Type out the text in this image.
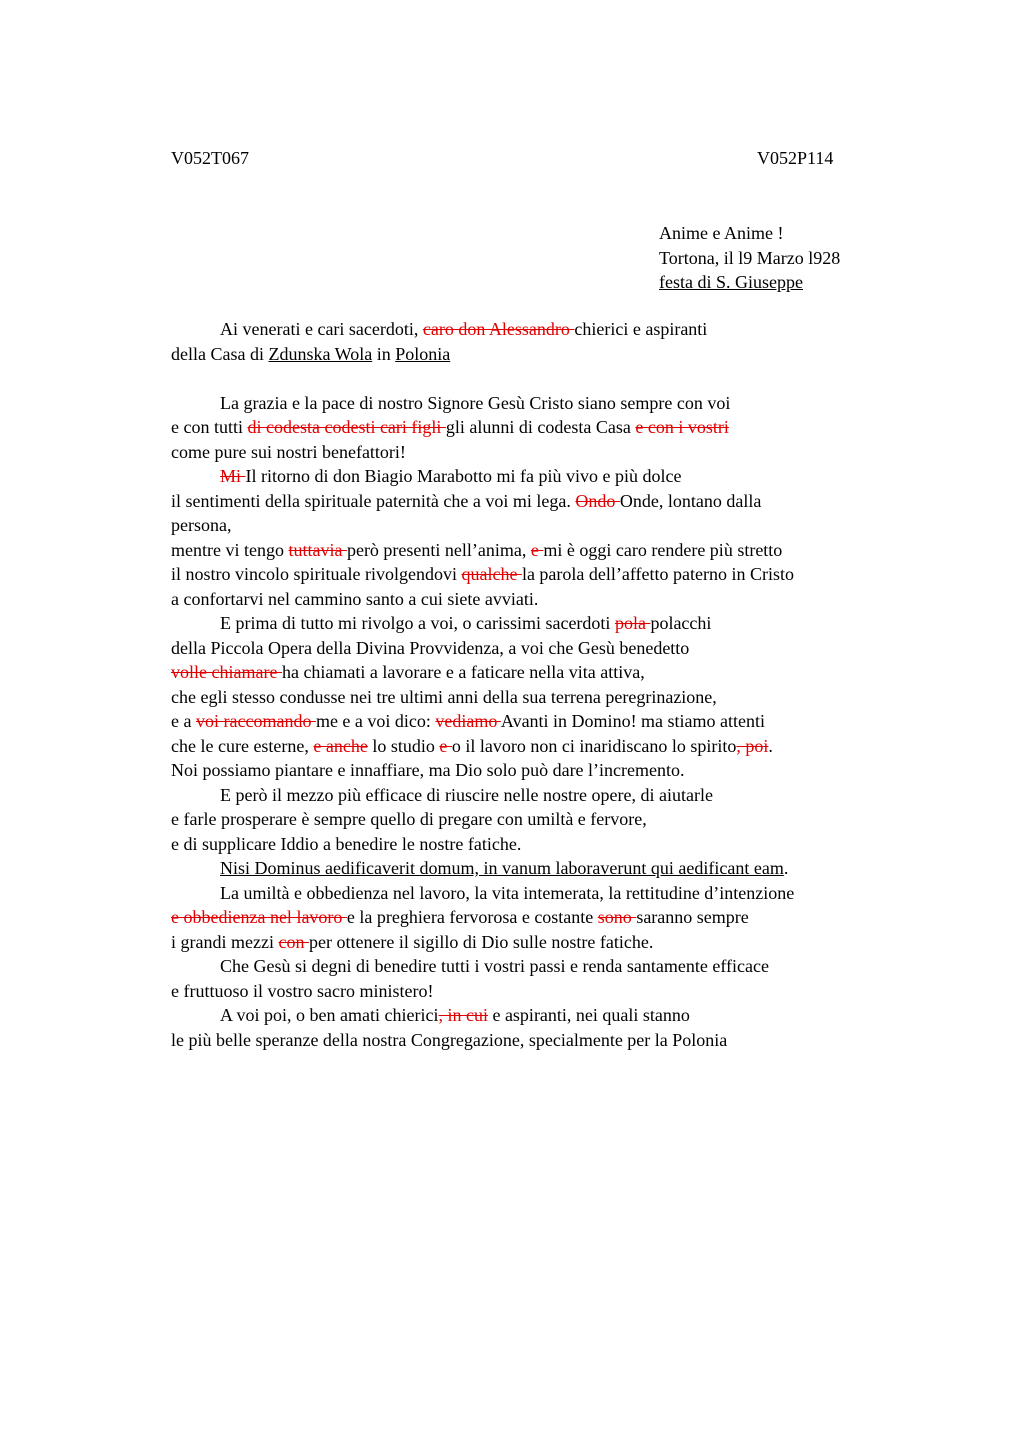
V052T067	V052P114
Anime e Anime !
Tortona, il l9 Marzo l928
festa di S. Giuseppe
Ai venerati e cari sacerdoti, caro don Alessandro chierici e aspiranti
della Casa di Zdunska Wola in Polonia
La grazia e la pace di nostro Signore Gesù Cristo siano sempre con voi
e con tutti di codesta codesti cari figli gli alunni di codesta Casa e con i vostri
come pure sui nostri benefattori!
Mi Il ritorno di don Biagio Marabotto mi fa più vivo e più dolce
il sentimenti della spirituale paternità che a voi mi lega. Ondo Onde, lontano dalla
persona,
mentre vi tengo tuttavia però presenti nell’anima, e mi è oggi caro rendere più stretto
il nostro vincolo spirituale rivolgendovi qualche la parola dell’affetto paterno in Cristo
a confortarvi nel cammino santo a cui siete avviati.
E prima di tutto mi rivolgo a voi, o carissimi sacerdoti pola polacchi
della Piccola Opera della Divina Provvidenza, a voi che Gesù benedetto
volle chiamare ha chiamati a lavorare e a faticare nella vita attiva,
che egli stesso condusse nei tre ultimi anni della sua terrena peregrinazione,
e a voi raccomando me e a voi dico: vediamo Avanti in Domino! ma stiamo attenti
che le cure esterne, e anche lo studio e o il lavoro non ci inaridiscano lo spirito, poi.
Noi possiamo piantare e innaffiare, ma Dio solo può dare l’incremento.
E però il mezzo più efficace di riuscire nelle nostre opere, di aiutarle
e farle prosperare è sempre quello di pregare con umiltà e fervore,
e di supplicare Iddio a benedire le nostre fatiche.
Nisi Dominus aedificaverit domum, in vanum laboraverunt qui aedificant eam.
La umiltà e obbedienza nel lavoro, la vita intemerata, la rettitudine d’intenzione
e obbedienza nel lavoro e la preghiera fervorosa e costante sono saranno sempre
i grandi mezzi con per ottenere il sigillo di Dio sulle nostre fatiche.
Che Gesù si degni di benedire tutti i vostri passi e renda santamente efficace
e fruttuoso il vostro sacro ministero!
A voi poi, o ben amati chierici, in cui e aspiranti, nei quali stanno
le più belle speranze della nostra Congregazione, specialmente per la Polonia
